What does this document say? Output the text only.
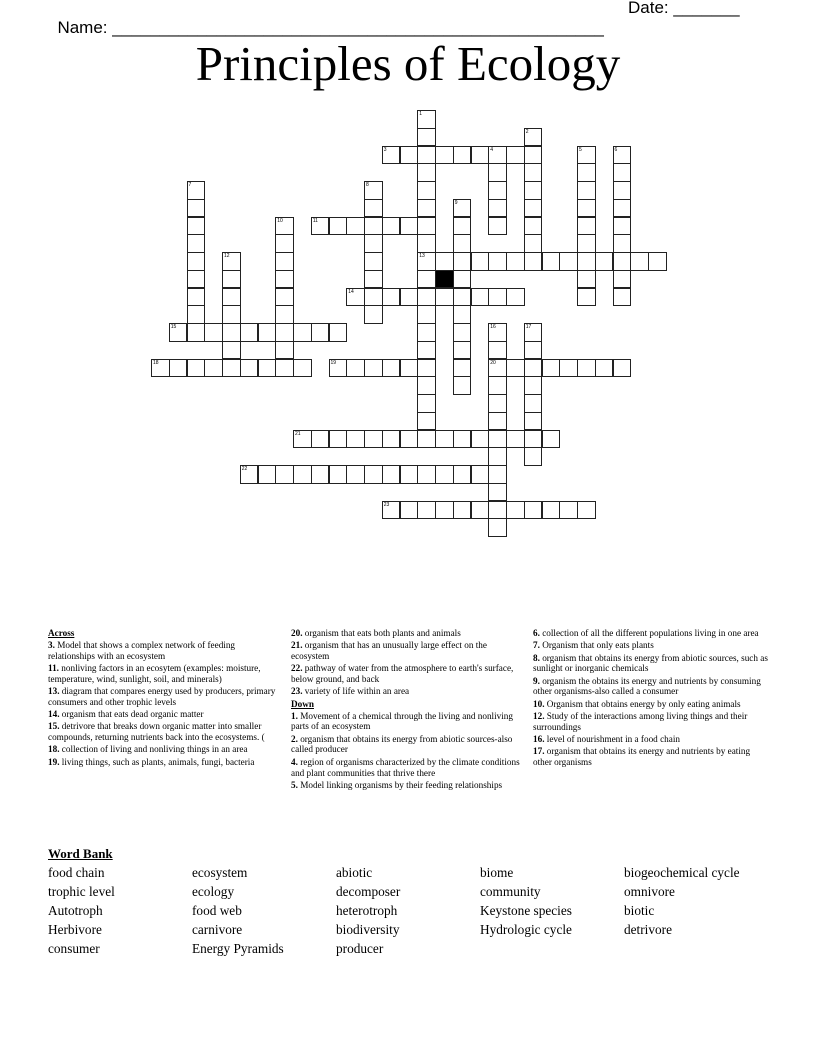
Name: ____________________________________________________

Date: _______

Principles of Ecology
1
13
2
3	4	5	6
7	8
9
10	11
12
14
15	16
20
17
18	19
21
22
23
Across
3. Model that shows a complex network of feeding relationships with an ecosystem
11. nonliving factors in an ecosytem (examples: moisture, temperature, wind, sunlight, soil, and minerals)
13. diagram that compares energy used by producers, primary consumers and other trophic levels
14. organism that eats dead organic matter
15. detrivore that breaks down organic matter into smaller compounds, returning nutrients back into the ecosystems. (
18. collection of living and nonliving things in an area
19. living things, such as plants, animals, fungi, bacteria
20. organism that eats both plants and animals
21. organism that has an unusually large effect on the ecosystem
22. pathway of water from the atmosphere to earth's surface, below ground, and back
23. variety of life within an area
Down
1. Movement of a chemical through the living and nonliving parts of an ecosystem
2. organism that obtains its energy from abiotic sources-also called producer
4. region of organisms characterized by the climate conditions and plant communities that thrive there
5. Model linking organisms by their feeding relationships
6. collection of all the different populations living in one area
7. Organism that only eats plants
8. organism that obtains its energy from abiotic sources, such as sunlight or inorganic chemicals
9. organism the obtains its energy and nutrients by consuming other organisms-also called a consumer
10. Organism that obtains energy by only eating animals
12. Study of the interactions among living things and their surroundings
16. level of nourishment in a food chain
17. organism that obtains its energy and nutrients by eating other organisms
Word Bank
food chain	ecosystem	abiotic	biome	biogeochemical cycle
trophic level	ecology	decomposer	community	omnivore
Autotroph	food web	heterotroph	Keystone species	biotic
Herbivore	carnivore	biodiversity	Hydrologic cycle	detrivore
consumer	Energy Pyramids	producer
